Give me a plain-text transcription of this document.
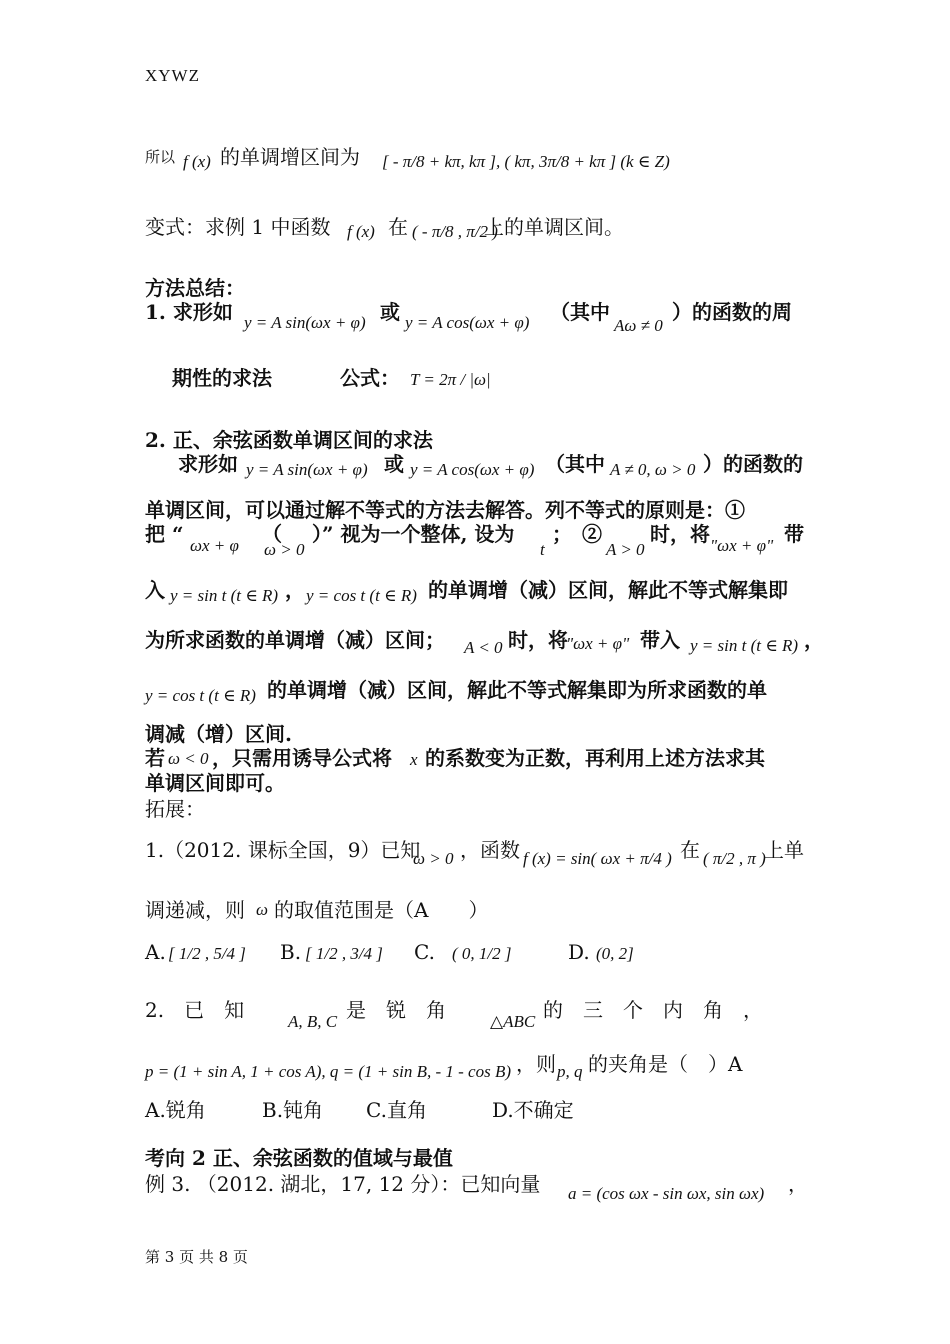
XYWZ
所以 f (x) 的单调增区间为 [ - π/8 + kπ, kπ ], ( kπ, 3π/8 + kπ ] (k ∈ Z)
变式：求例 1 中函数 f (x) 在 ( - π/8 , π/2 )
上的单调区间。
方法总结：
1. 求形如 y = A sin(ωx + φ) 或 y = A cos(ωx + φ) （其中
Aω ≠ 0
）的函数的周
期性的求法	公式： T = 2π / |ω|
2. 正、余弦函数单调区间的求法
求形如 y = A sin(ωx + φ) 或 y = A cos(ωx + φ) （其中 A ≠ 0, ω > 0 ）的函数的
单调区间，可以通过解不等式的方法去解答。列不等式的原则是：①
把 “ ωx + φ （
ω > 0
）” 视为一个整体, 设为
t
；　②
A > 0
时，将 "ωx + φ" 带
入 y = sin t (t ∈ R) ， y = cos t (t ∈ R) 的单调增（减）区间，解此不等式解集即
为所求函数的单调增（减）区间； A < 0 时，将
"ωx + φ" 带入 y = sin t (t ∈ R) ，
y = cos t (t ∈ R) 的单调增（减）区间，解此不等式解集即为所求函数的单
调减（增）区间.
若 ω < 0 ，只需用诱导公式将 x 的系数变为正数，再利用上述方法求其
单调区间即可。
拓展：
1.（2012. 课标全国，9）已知
ω > 0 ，函数 f (x) = sin( ωx + π/4 ) 在 ( π/2 , π )
上单
调递减，则 ω 的取值范围是（A　　）
A. [ 1/2 , 5/4 ] B. [ 1/2 , 3/4 ] C. ( 0, 1/2 ]	D. (0, 2]
2.　已　知	A, B, C 是　锐　角	△ABC 的　三　个　内　角　，
p = (1 + sin A, 1 + cos A), q = (1 + sin B, - 1 - cos B) ，则 p, q 的夹角是（　）A
A.锐角	B.钝角 C.直角	D.不确定
考向 2 正、余弦函数的值域与最值
例 3. （2012. 湖北，17, 12 分）：已知向量 a = (cos ωx - sin ωx, sin ωx) ，
第 3 页 共 8 页
